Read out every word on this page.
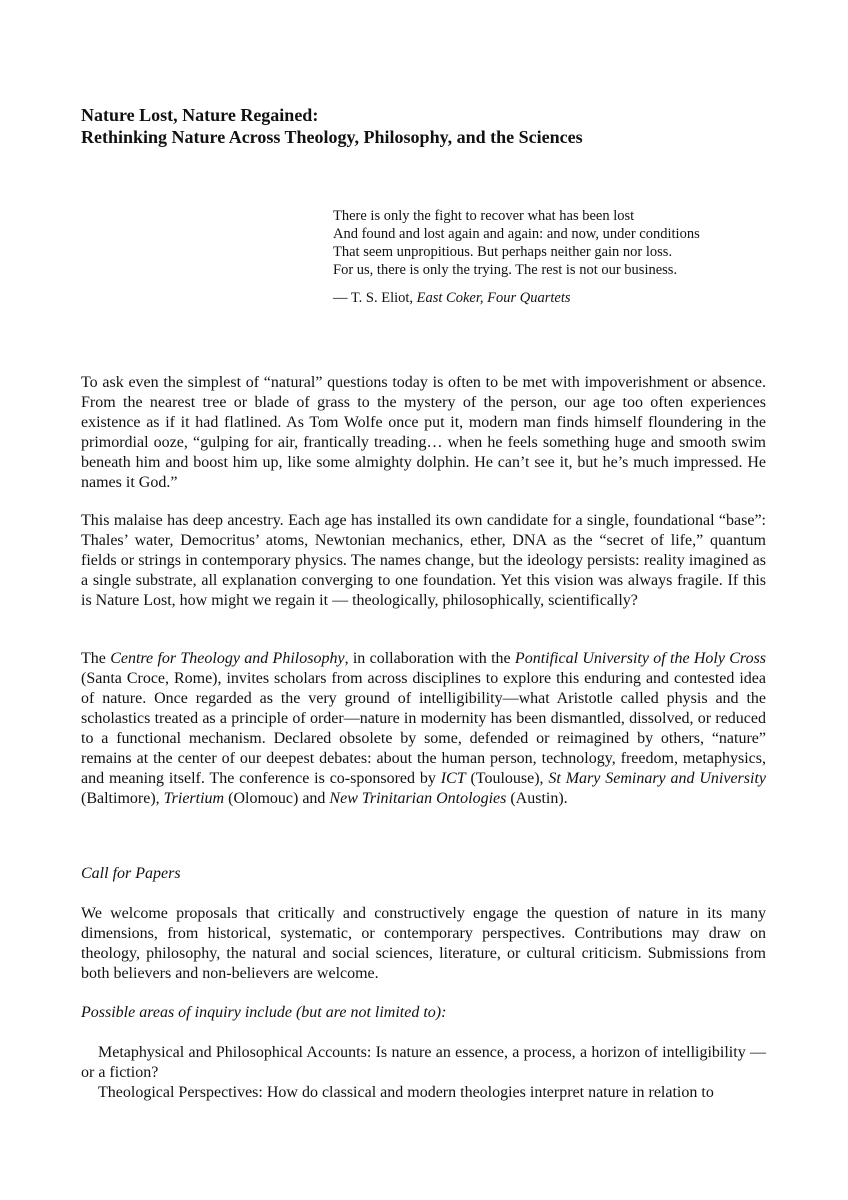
Nature Lost, Nature Regained:
Rethinking Nature Across Theology, Philosophy, and the Sciences
There is only the fight to recover what has been lost
And found and lost again and again: and now, under conditions
That seem unpropitious. But perhaps neither gain nor loss.
For us, there is only the trying. The rest is not our business.
— T. S. Eliot, East Coker, Four Quartets
To ask even the simplest of “natural” questions today is often to be met with impoverishment or absence. From the nearest tree or blade of grass to the mystery of the person, our age too often experiences existence as if it had flatlined. As Tom Wolfe once put it, modern man finds himself floundering in the primordial ooze, “gulping for air, frantically treading… when he feels something huge and smooth swim beneath him and boost him up, like some almighty dolphin. He can’t see it, but he’s much impressed. He names it God.”
This malaise has deep ancestry. Each age has installed its own candidate for a single, foundational “base”: Thales’ water, Democritus’ atoms, Newtonian mechanics, ether, DNA as the “secret of life,” quantum fields or strings in contemporary physics. The names change, but the ideology persists: reality imagined as a single substrate, all explanation converging to one foundation. Yet this vision was always fragile. If this is Nature Lost, how might we regain it — theologically, philosophically, scientifically?
The Centre for Theology and Philosophy, in collaboration with the Pontifical University of the Holy Cross (Santa Croce, Rome), invites scholars from across disciplines to explore this enduring and contested idea of nature. Once regarded as the very ground of intelligibility—what Aristotle called physis and the scholastics treated as a principle of order—nature in modernity has been dismantled, dissolved, or reduced to a functional mechanism. Declared obsolete by some, defended or reimagined by others, “nature” remains at the center of our deepest debates: about the human person, technology, freedom, metaphysics, and meaning itself. The conference is co-sponsored by ICT (Toulouse), St Mary Seminary and University (Baltimore), Triertium (Olomouc) and New Trinitarian Ontologies (Austin).
Call for Papers
We welcome proposals that critically and constructively engage the question of nature in its many dimensions, from historical, systematic, or contemporary perspectives. Contributions may draw on theology, philosophy, the natural and social sciences, literature, or cultural criticism. Submissions from both believers and non-believers are welcome.
Possible areas of inquiry include (but are not limited to):
Metaphysical and Philosophical Accounts: Is nature an essence, a process, a horizon of intelligibility — or a fiction?
Theological Perspectives: How do classical and modern theologies interpret nature in relation to
